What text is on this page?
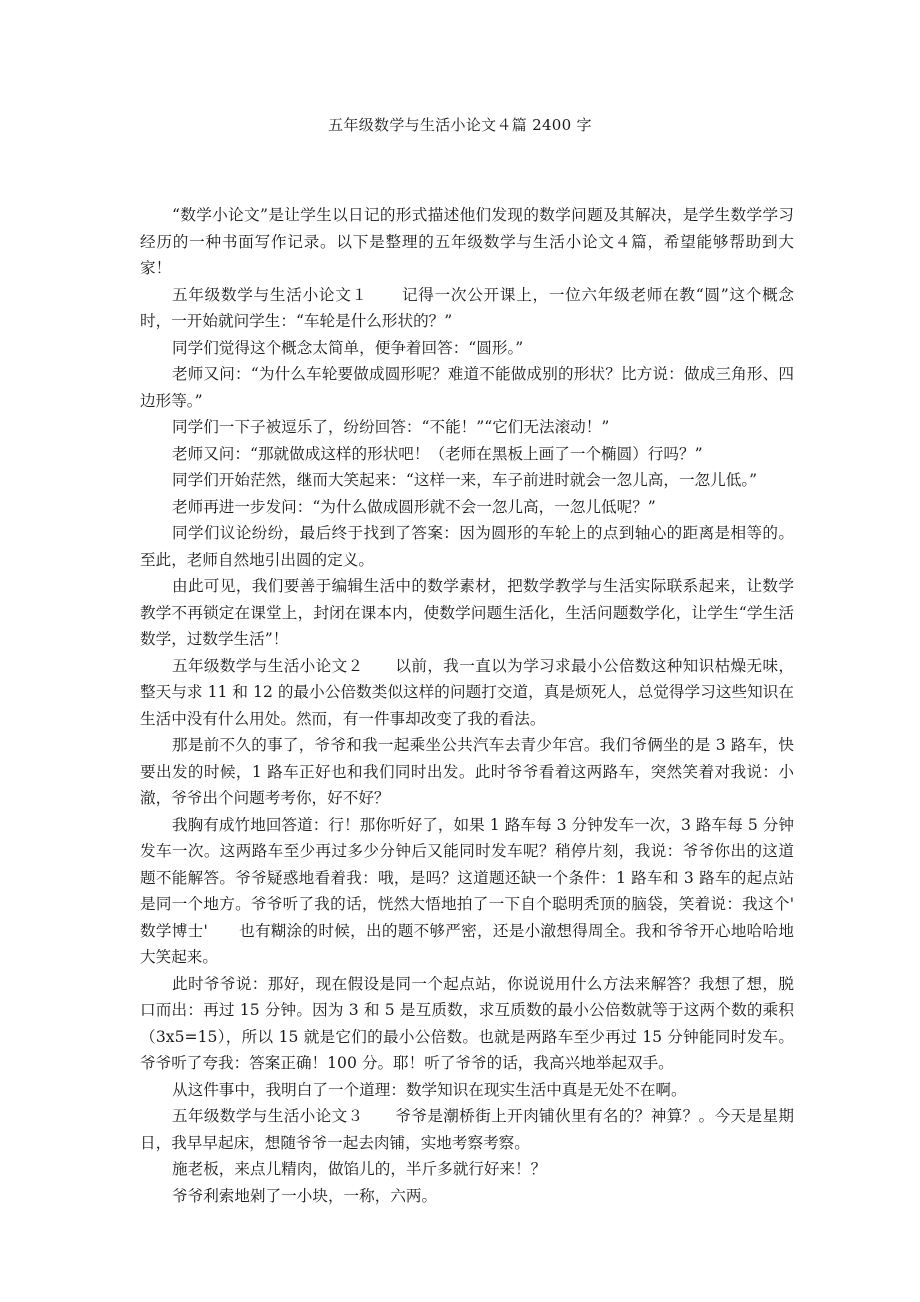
五年级数学与生活小论文４篇 2400 字

“数学小论文”是让学生以日记的形式描述他们发现的数学问题及其解决，是学生数学学习经历的一种书面写作记录。以下是整理的五年级数学与生活小论文４篇，希望能够帮助到大家！

五年级数学与生活小论文１      记得一次公开课上，一位六年级老师在教“圆”这个概念时，一开始就问学生：“车轮是什么形状的？”

同学们觉得这个概念太简单，便争着回答：“圆形。”

老师又问：“为什么车轮要做成圆形呢？难道不能做成别的形状？比方说：做成三角形、四边形等。”

同学们一下子被逗乐了，纷纷回答：“不能！”“它们无法滚动！”

老师又问：“那就做成这样的形状吧！（老师在黑板上画了一个椭圆）行吗？”

同学们开始茫然，继而大笑起来：“这样一来，车子前进时就会一忽儿高，一忽儿低。”

老师再进一步发问：“为什么做成圆形就不会一忽儿高，一忽儿低呢？”

同学们议论纷纷，最后终于找到了答案：因为圆形的车轮上的点到轴心的距离是相等的。至此，老师自然地引出圆的定义。

由此可见，我们要善于编辑生活中的数学素材，把数学教学与生活实际联系起来，让数学教学不再锁定在课堂上，封闭在课本内，使数学问题生活化，生活问题数学化，让学生“学生活数学，过数学生活”！

五年级数学与生活小论文２      以前，我一直以为学习求最小公倍数这种知识枯燥无味，整天与求 11 和 12 的最小公倍数类似这样的问题打交道，真是烦死人，总觉得学习这些知识在生活中没有什么用处。然而，有一件事却改变了我的看法。

那是前不久的事了，爷爷和我一起乘坐公共汽车去青少年宫。我们爷俩坐的是 3 路车，快要出发的时候，1 路车正好也和我们同时出发。此时爷爷看着这两路车，突然笑着对我说：小澈，爷爷出个问题考考你，好不好？

我胸有成竹地回答道：行！那你听好了，如果 1 路车每 3 分钟发车一次，3 路车每 5 分钟发车一次。这两路车至少再过多少分钟后又能同时发车呢？稍停片刻，我说：爷爷你出的这道题不能解答。爷爷疑惑地看着我：哦，是吗？这道题还缺一个条件：1 路车和 3 路车的起点站是同一个地方。爷爷听了我的话，恍然大悟地拍了一下自个聪明秃顶的脑袋，笑着说：我这个'      数学博士'      也有糊涂的时候，出的题不够严密，还是小澈想得周全。我和爷爷开心地哈哈地大笑起来。

此时爷爷说：那好，现在假设是同一个起点站，你说说用什么方法来解答？我想了想，脱口而出：再过 15 分钟。因为 3 和 5 是互质数，求互质数的最小公倍数就等于这两个数的乘积（3x5=15），所以 15 就是它们的最小公倍数。也就是两路车至少再过 15 分钟能同时发车。爷爷听了夸我：答案正确！100 分。耶！听了爷爷的话，我高兴地举起双手。

从这件事中，我明白了一个道理：数学知识在现实生活中真是无处不在啊。

五年级数学与生活小论文３      爷爷是潮桥街上开肉铺伙里有名的？神算？。今天是星期日，我早早起床，想随爷爷一起去肉铺，实地考察考察。

施老板，来点儿精肉，做馅儿的，半斤多就行好来！？

爷爷利索地剁了一小块，一称，六两。
